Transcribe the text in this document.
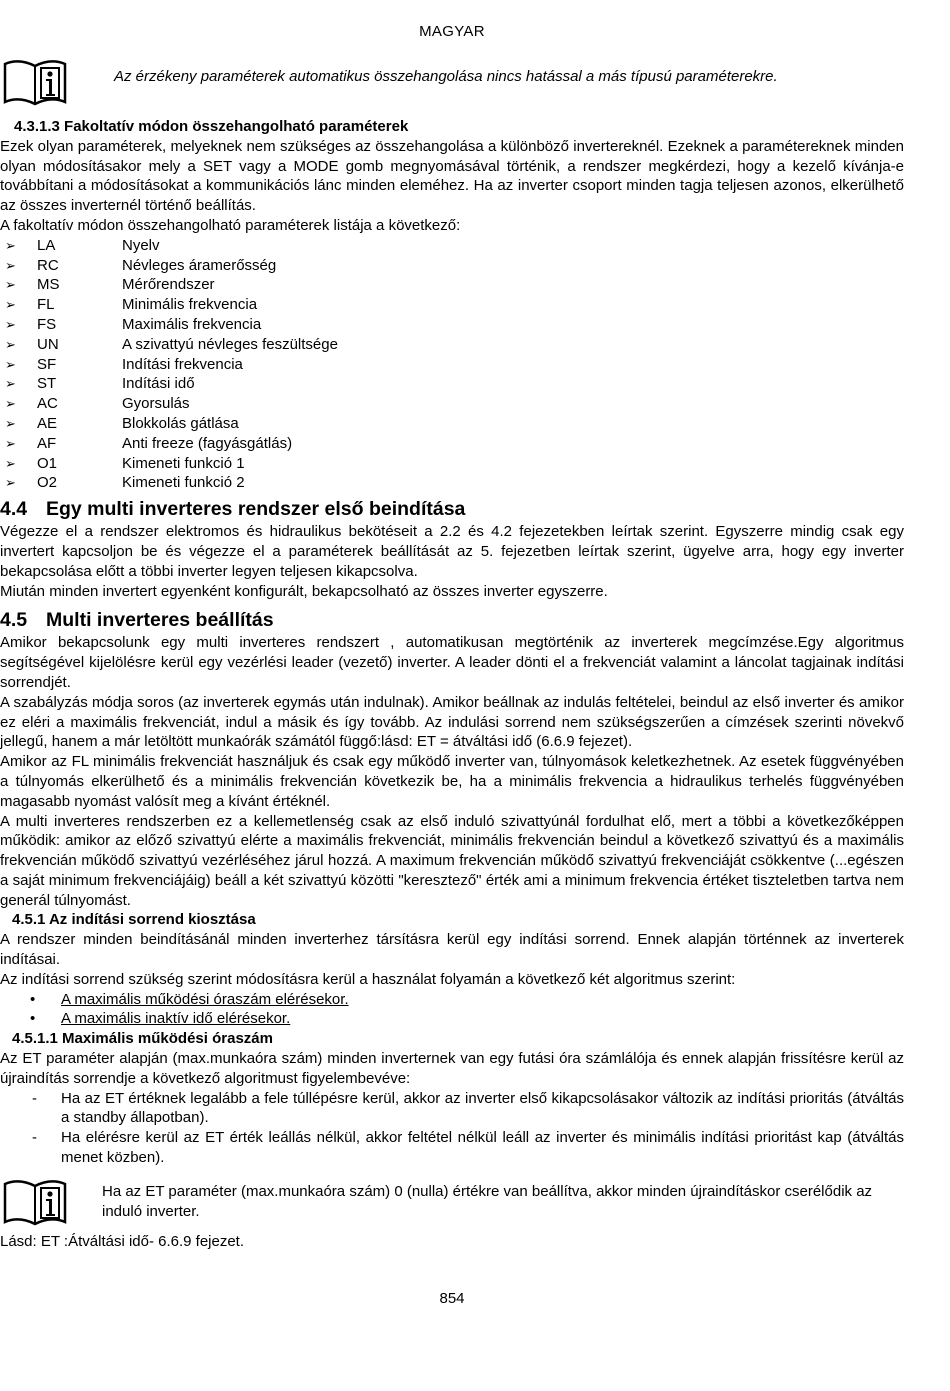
MAGYAR
Az érzékeny paraméterek automatikus összehangolása nincs hatással a más típusú paraméterekre.

4.3.1.3 Fakoltatív módon összehangolható paraméterek

Ezek olyan paraméterek, melyeknek nem szükséges az összehangolása a különböző invertereknél. Ezeknek a paramétereknek minden olyan módosításakor mely a SET vagy a MODE gomb megnyomásával történik, a rendszer megkérdezi, hogy a kezelő kívánja-e továbbítani a módosításokat a kommunikációs lánc minden eleméhez. Ha az inverter csoport minden tagja teljesen azonos, elkerülhető az összes inverternél történő beállítás.

A fakoltatív módon összehangolható paraméterek listája a következő:

➢ LA	Nyelv
➢ RC	Névleges áramerősség
➢ MS	Mérőrendszer
➢ FL	Minimális frekvencia
➢ FS	Maximális frekvencia
➢ UN	A szivattyú névleges feszültsége
➢ SF	Indítási frekvencia
➢ ST	Indítási idő
➢ AC	Gyorsulás
➢ AE	Blokkolás gátlása
➢ AF	Anti freeze (fagyásgátlás)
➢ O1	Kimeneti funkció 1
➢ O2	Kimeneti funkció 2

4.4 Egy multi inverteres rendszer első beindítása

Végezze el a rendszer elektromos és hidraulikus bekötéseit a 2.2 és 4.2 fejezetekben leírtak szerint. Egyszerre mindig csak egy invertert kapcsoljon be és végezze el a paraméterek beállítását az 5. fejezetben leírtak szerint, ügyelve arra, hogy egy inverter bekapcsolása előtt a többi inverter legyen teljesen kikapcsolva.

Miután minden invertert egyenként konfigurált, bekapcsolható az összes inverter egyszerre.

4.5 Multi inverteres beállítás

Amikor bekapcsolunk egy multi inverteres rendszert , automatikusan megtörténik az inverterek megcímzése.Egy algoritmus segítségével kijelölésre kerül egy vezérlési leader (vezető) inverter. A leader dönti el a frekvenciát valamint a láncolat tagjainak indítási sorrendjét.

A szabályzás módja soros (az inverterek egymás után indulnak). Amikor beállnak az indulás feltételei, beindul az első inverter és amikor ez eléri a maximális frekvenciát, indul a másik és így tovább. Az indulási sorrend nem szükségszerűen a címzések szerinti növekvő jellegű, hanem a már letöltött munkaórák számától függő:lásd: ET = átváltási idő (6.6.9 fejezet).

Amikor az FL minimális frekvenciát használjuk és csak egy működő inverter van, túlnyomások keletkezhetnek. Az esetek függvényében a túlnyomás elkerülhető és a minimális frekvencián következik be, ha a minimális frekvencia a hidraulikus terhelés függvényében magasabb nyomást valósít meg a kívánt értéknél.

A multi inverteres rendszerben ez a kellemetlenség csak az első induló szivattyúnál fordulhat elő, mert a többi a következőképpen működik: amikor az előző szivattyú elérte a maximális frekvenciát, minimális frekvencián beindul a következő szivattyú és a maximális frekvencián működő szivattyú vezérléséhez járul hozzá. A maximum frekvencián működő szivattyú frekvenciáját csökkentve (...egészen a saját minimum frekvenciájáig) beáll a két szivattyú közötti "keresztező" érték ami a minimum frekvencia értéket tiszteletben tartva nem generál túlnyomást.

4.5.1 Az indítási sorrend kiosztása

A rendszer minden beindításánál minden inverterhez társításra kerül egy indítási sorrend. Ennek alapján történnek az inverterek indításai.

Az indítási sorrend szükség szerint módosításra kerül a használat folyamán a következő két algoritmus szerint:

• A maximális működési óraszám elérésekor.
• A maximális inaktív idő elérésekor.

4.5.1.1 Maximális működési óraszám

Az ET paraméter alapján (max.munkaóra szám) minden inverternek van egy futási óra számlálója és ennek alapján frissítésre kerül az újraindítás sorrendje a következő algoritmust figyelembevéve:

- Ha az ET értéknek legalább a fele túllépésre kerül, akkor az inverter első kikapcsolásakor változik az indítási prioritás (átváltás a standby állapotban).
- Ha elérésre kerül az ET érték leállás nélkül, akkor feltétel nélkül leáll az inverter és minimális indítási prioritást kap (átváltás menet közben).
Ha az ET paraméter (max.munkaóra szám) 0 (nulla) értékre van beállítva, akkor minden újraindításkor cserélődik az induló inverter.

Lásd: ET :Átváltási idő- 6.6.9 fejezet.

854
